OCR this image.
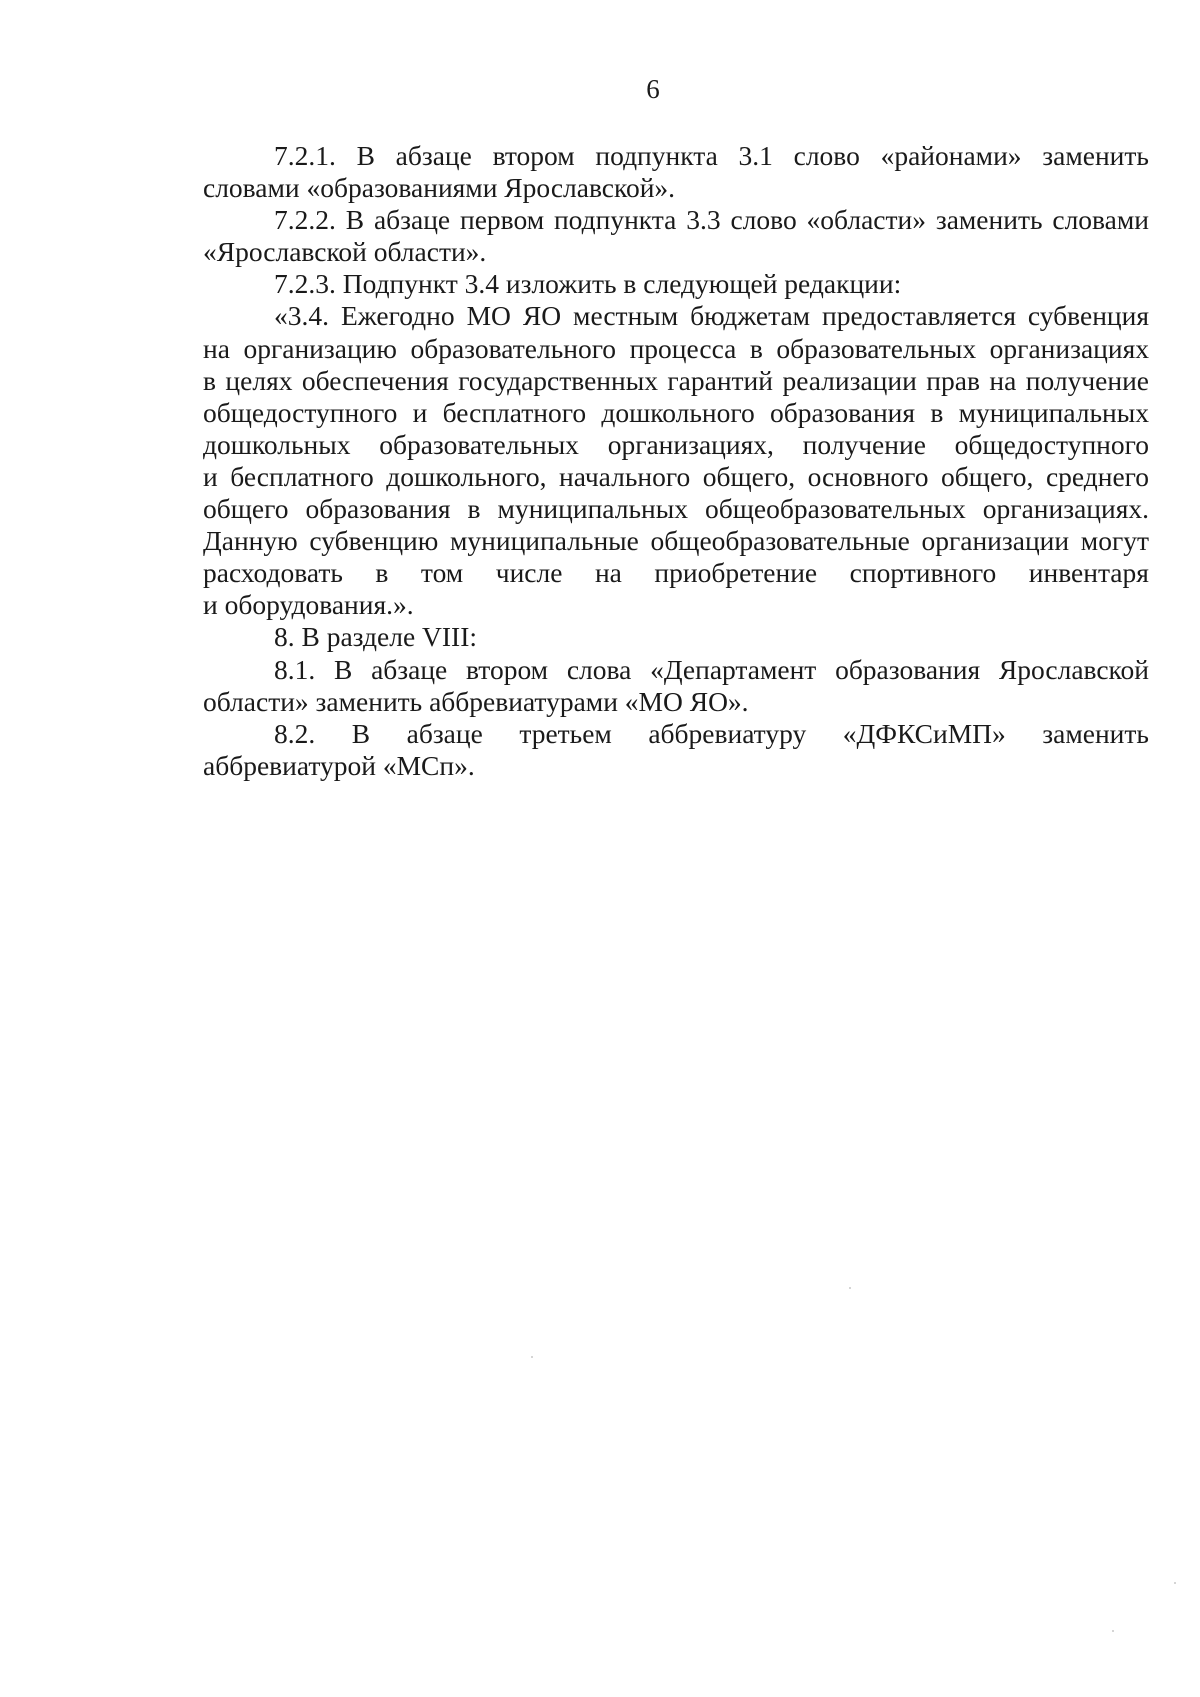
6
7.2.1. В абзаце втором подпункта 3.1 слово «районами» заменить
словами «образованиями Ярославской».
7.2.2. В абзаце первом подпункта 3.3 слово «области» заменить словами
«Ярославской области».
7.2.3. Подпункт 3.4 изложить в следующей редакции:
«3.4. Ежегодно МО ЯО местным бюджетам предоставляется субвенция
на организацию образовательного процесса в образовательных организациях
в целях обеспечения государственных гарантий реализации прав на получение
общедоступного и бесплатного дошкольного образования в муниципальных
дошкольных образовательных организациях, получение общедоступного
и бесплатного дошкольного, начального общего, основного общего, среднего
общего образования в муниципальных общеобразовательных организациях.
Данную субвенцию муниципальные общеобразовательные организации могут
расходовать в том числе на приобретение спортивного инвентаря
и оборудования.».
8. В разделе VIII:
8.1. В абзаце втором слова «Департамент образования Ярославской
области» заменить аббревиатурами «МО ЯО».
8.2. В абзаце третьем аббревиатуру «ДФКСиМП» заменить
аббревиатурой «МСп».
